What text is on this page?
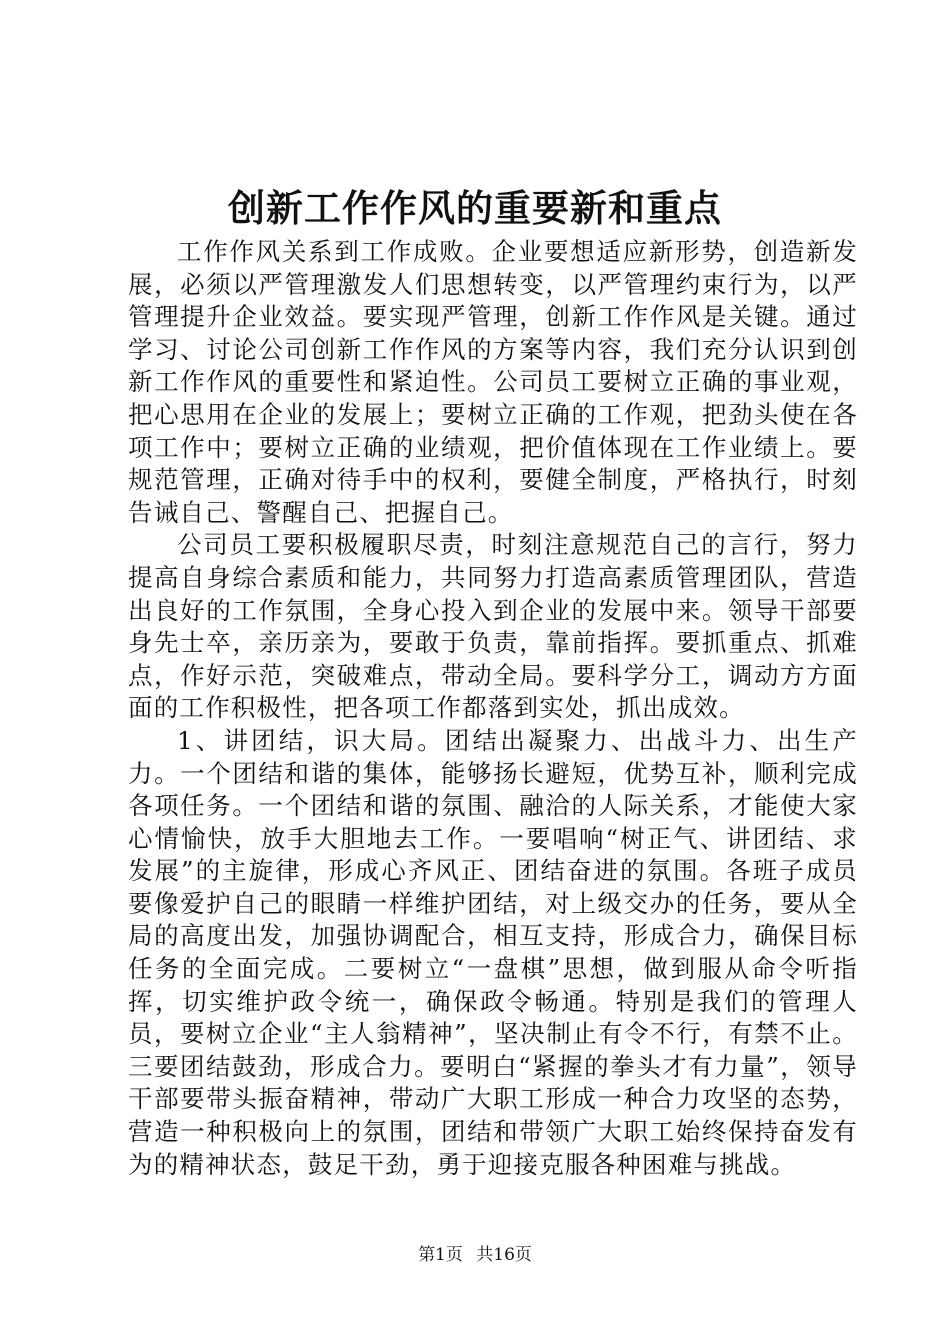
创新工作作风的重要新和重点

工作作风关系到工作成败。企业要想适应新形势，创造新发展，必须以严管理激发人们思想转变，以严管理约束行为，以严管理提升企业效益。要实现严管理，创新工作作风是关键。通过学习、讨论公司创新工作作风的方案等内容，我们充分认识到创新工作作风的重要性和紧迫性。公司员工要树立正确的事业观，把心思用在企业的发展上；要树立正确的工作观，把劲头使在各项工作中；要树立正确的业绩观，把价值体现在工作业绩上。要规范管理，正确对待手中的权利，要健全制度，严格执行，时刻告诫自己、警醒自己、把握自己。

公司员工要积极履职尽责，时刻注意规范自己的言行，努力提高自身综合素质和能力，共同努力打造高素质管理团队，营造出良好的工作氛围，全身心投入到企业的发展中来。领导干部要身先士卒，亲历亲为，要敢于负责，靠前指挥。要抓重点、抓难点，作好示范，突破难点，带动全局。要科学分工，调动方方面面的工作积极性，把各项工作都落到实处，抓出成效。

1、讲团结，识大局。团结出凝聚力、出战斗力、出生产力。一个团结和谐的集体，能够扬长避短，优势互补，顺利完成各项任务。一个团结和谐的氛围、融洽的人际关系，才能使大家心情愉快，放手大胆地去工作。一要唱响“树正气、讲团结、求发展”的主旋律，形成心齐风正、团结奋进的氛围。各班子成员要像爱护自己的眼睛一样维护团结，对上级交办的任务，要从全局的高度出发，加强协调配合，相互支持，形成合力，确保目标任务的全面完成。二要树立“一盘棋”思想，做到服从命令听指挥，切实维护政令统一，确保政令畅通。特别是我们的管理人员，要树立企业“主人翁精神”，坚决制止有令不行，有禁不止。三要团结鼓劲，形成合力。要明白“紧握的拳头才有力量”，领导干部要带头振奋精神，带动广大职工形成一种合力攻坚的态势，营造一种积极向上的氛围，团结和带领广大职工始终保持奋发有为的精神状态，鼓足干劲，勇于迎接克服各种困难与挑战。

第1页 共16页
